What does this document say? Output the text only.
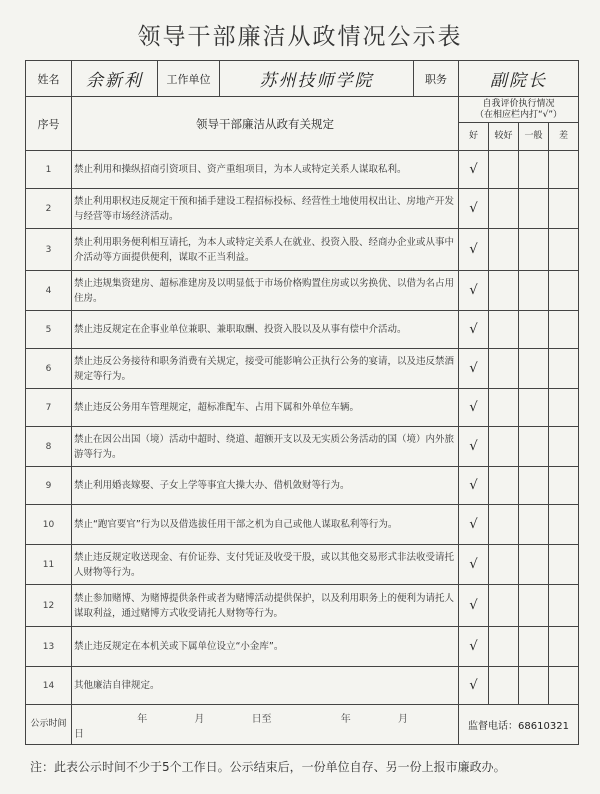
领导干部廉洁从政情况公示表
姓名	余新利	工作单位	苏州技师学院	职务	副院长			
序号	领导干部廉洁从政有关规定				自我评价执行情况
（在相应栏内打“√”）			

					好	较好	一般	差
1	禁止利用和操纵招商引资项目、资产重组项目，为本人或特定关系人谋取私利。				√			
2	禁止利用职权违反规定干预和插手建设工程招标投标、经营性土地使用权出让、房地产开发与经营等市场经济活动。				√			
3	禁止利用职务便利相互请托，为本人或特定关系人在就业、投资入股、经商办企业或从事中介活动等方面提供便利，谋取不正当利益。				√			
4	禁止违规集资建房、超标准建房及以明显低于市场价格购置住房或以劣换优、以借为名占用住房。				√			
5	禁止违反规定在企事业单位兼职、兼职取酬、投资入股以及从事有偿中介活动。				√			
6	禁止违反公务接待和职务消费有关规定，接受可能影响公正执行公务的宴请，以及违反禁酒规定等行为。				√			
7	禁止违反公务用车管理规定，超标准配车、占用下属和外单位车辆。				√			
8	禁止在因公出国（境）活动中超时、绕道、超额开支以及无实质公务活动的国（境）内外旅游等行为。				√			
9	禁止利用婚丧嫁娶、子女上学等事宜大操大办、借机敛财等行为。				√			
10	禁止“跑官要官”行为以及借选拔任用干部之机为自己或他人谋取私利等行为。				√			
11	禁止违反规定收送现金、有价证券、支付凭证及收受干股，或以其他交易形式非法收受请托人财物等行为。				√			
12	禁止参加赌博、为赌博提供条件或者为赌博活动提供保护，以及利用职务上的便利为请托人谋取利益，通过赌博方式收受请托人财物等行为。				√			
13	禁止违反规定在本机关或下属单位设立“小金库”。				√			
14	其他廉洁自律规定。				√			
公示时间	年 月 日至 年 月 日				监督电话：68610321			
注：此表公示时间不少于5个工作日。公示结束后，一份单位自存、另一份上报市廉政办。
